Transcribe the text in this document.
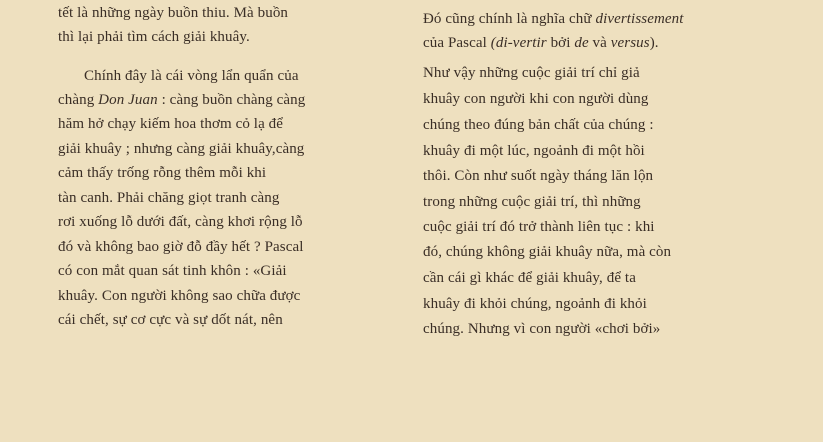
tết là những ngày buồn thiu. Mà buồn
thì lại phải tìm cách giải khuây.
Chính đây là cái vòng lẩn quẩn của
chàng Don Juan : càng buồn chàng càng
hăm hở chạy kiếm hoa thơm cỏ lạ để
giải khuây ; nhưng càng giải khuây,càng
cảm thấy trống rỗng thêm mỗi khi
tàn canh. Phải chăng giọt tranh càng
rơi xuống lỗ dưới đất, càng khơi rộng lỗ
đó và không bao giờ đỗ đầy hết ? Pascal
có con mắt quan sát tinh khôn : «Giải
khuây. Con người không sao chữa được
cái chết, sự cơ cực và sự dốt nát, nên
Đó cũng chính là nghĩa chữ divertissement
của Pascal (di-vertir bởi de và versus).
Như vậy những cuộc giải trí chỉ giả
khuây con người khi con người dùng
chúng theo đúng bản chất của chúng :
khuây đi một lúc, ngoảnh đi một hồi
thôi. Còn như suốt ngày tháng lăn lộn
trong những cuộc giải trí, thì những
cuộc giải trí đó trở thành liên tục : khi
đó, chúng không giải khuây nữa, mà còn
cần cái gì khác để giải khuây, để ta
khuây đi khỏi chúng, ngoảnh đi khỏi
chúng. Nhưng vì con người «chơi bởi»
